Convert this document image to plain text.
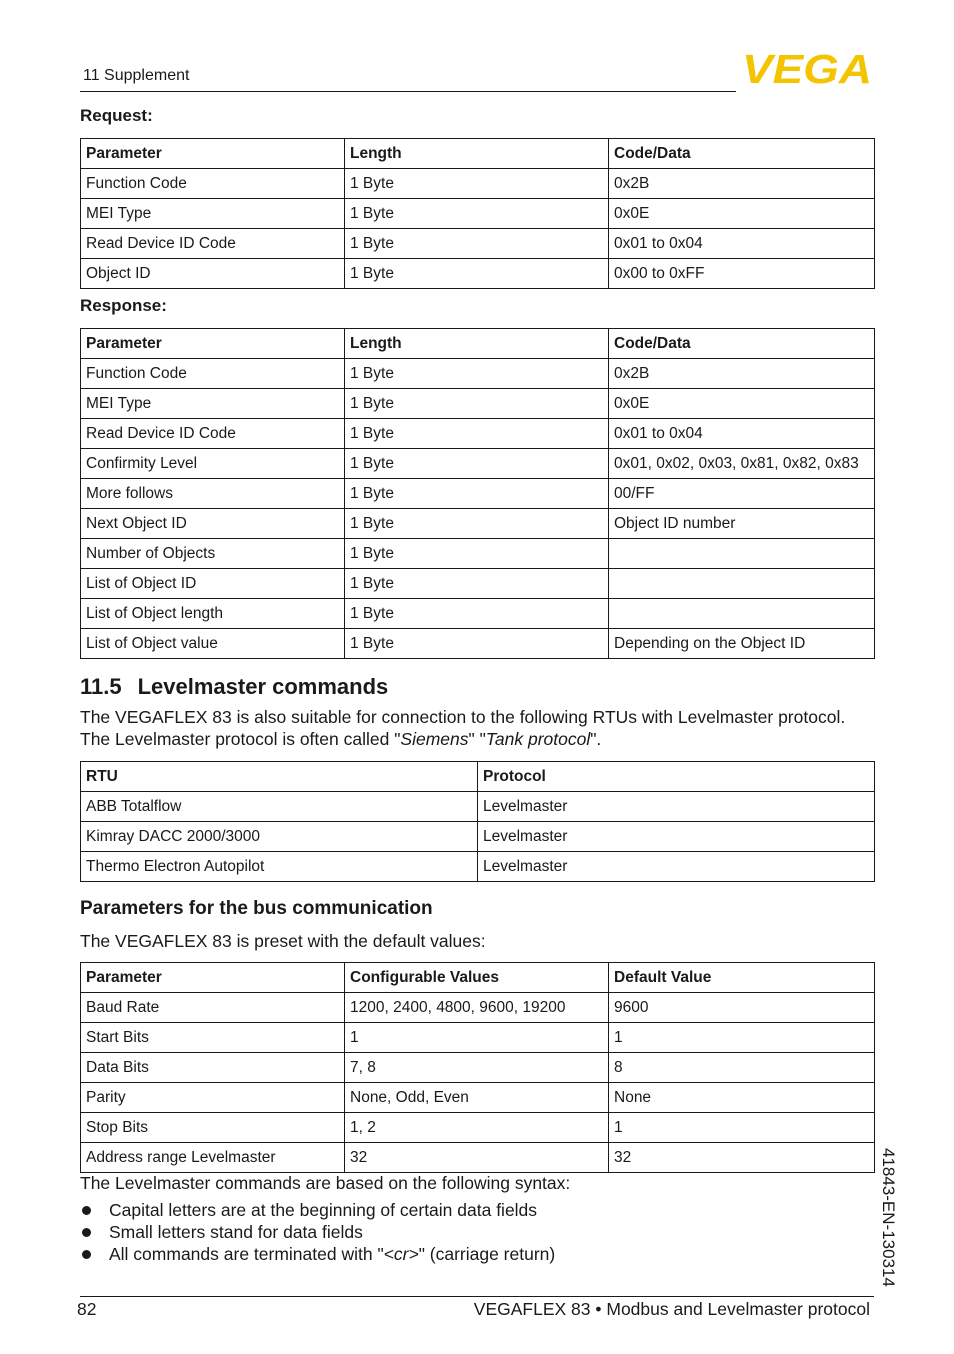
11 Supplement	VEGA
Request:
Parameter	Length	Code/Data
Function Code	1 Byte	0x2B
MEI Type	1 Byte	0x0E
Read Device ID Code	1 Byte	0x01 to 0x04
Object ID	1 Byte	0x00 to 0xFF
Response:
Parameter	Length	Code/Data
Function Code	1 Byte	0x2B
MEI Type	1 Byte	0x0E
Read Device ID Code	1 Byte	0x01 to 0x04
Confirmity Level	1 Byte	0x01, 0x02, 0x03, 0x81, 0x82, 0x83
More follows	1 Byte	00/FF
Next Object ID	1 Byte	Object ID number
Number of Objects	1 Byte	
List of Object ID	1 Byte	
List of Object length	1 Byte	
List of Object value	1 Byte	Depending on the Object ID
11.5 Levelmaster commands
The VEGAFLEX 83 is also suitable for connection to the following RTUs with Levelmaster protocol.
The Levelmaster protocol is often called "Siemens" "Tank protocol".
RTU	Protocol
ABB Totalflow	Levelmaster
Kimray DACC 2000/3000	Levelmaster
Thermo Electron Autopilot	Levelmaster
Parameters for the bus communication
The VEGAFLEX 83 is preset with the default values:
Parameter	Configurable Values	Default Value
Baud Rate	1200, 2400, 4800, 9600, 19200	9600
Start Bits	1	1
Data Bits	7, 8	8
Parity	None, Odd, Even	None
Stop Bits	1, 2	1
Address range Levelmaster	32	32
The Levelmaster commands are based on the following syntax:
Capital letters are at the beginning of certain data fields
Small letters stand for data fields
All commands are terminated with "<cr>" (carriage return)	41843-EN-130314
82	VEGAFLEX 83 • Modbus and Levelmaster protocol
